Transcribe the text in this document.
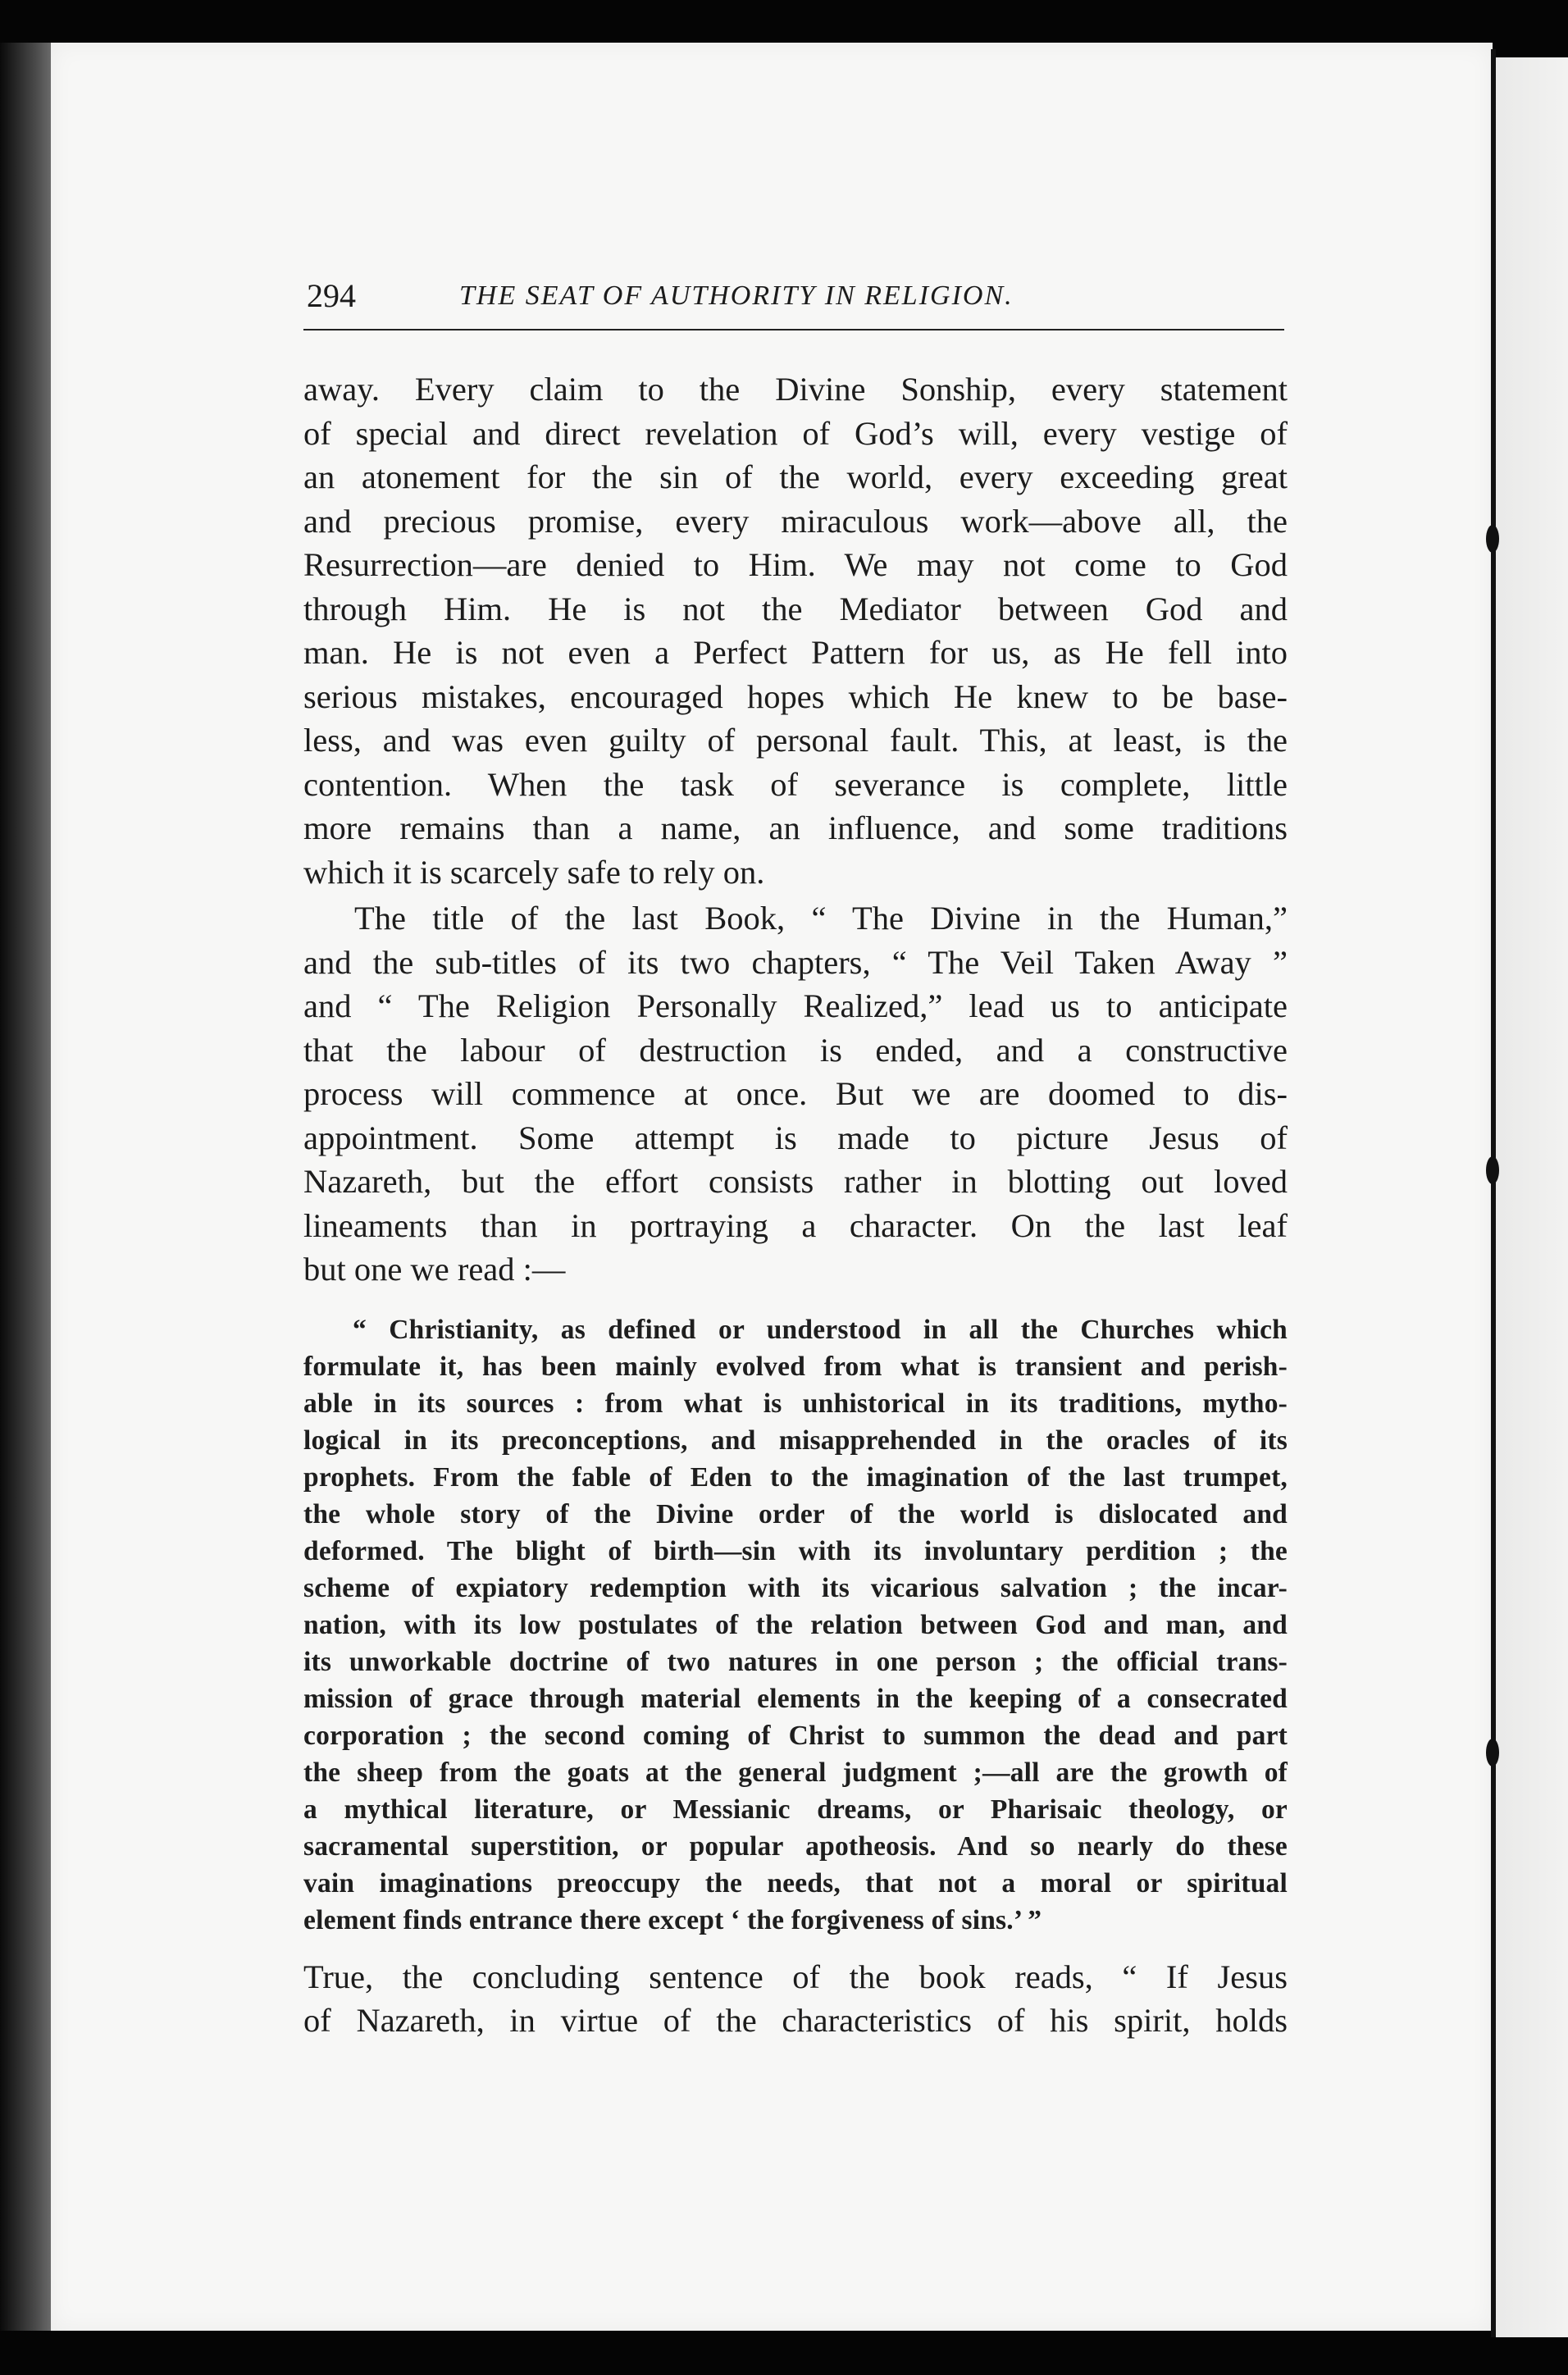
294	THE SEAT OF AUTHORITY IN RELIGION.
away. Every claim to the Divine Sonship, every statement
of special and direct revelation of God’s will, every vestige of
an atonement for the sin of the world, every exceeding great
and precious promise, every miraculous work—above all, the
Resurrection—are denied to Him. We may not come to God
through Him. He is not the Mediator between God and
man. He is not even a Perfect Pattern for us, as He fell into
serious mistakes, encouraged hopes which He knew to be base-
less, and was even guilty of personal fault. This, at least, is the
contention. When the task of severance is complete, little
more remains than a name, an influence, and some traditions
which it is scarcely safe to rely on.
The title of the last Book, “ The Divine in the Human,”
and the sub-titles of its two chapters, “ The Veil Taken Away ”
and “ The Religion Personally Realized,” lead us to anticipate
that the labour of destruction is ended, and a constructive
process will commence at once. But we are doomed to dis-
appointment. Some attempt is made to picture Jesus of
Nazareth, but the effort consists rather in blotting out loved
lineaments than in portraying a character. On the last leaf
but one we read :—
“ Christianity, as defined or understood in all the Churches which
formulate it, has been mainly evolved from what is transient and perish-
able in its sources : from what is unhistorical in its traditions, mytho-
logical in its preconceptions, and misapprehended in the oracles of its
prophets. From the fable of Eden to the imagination of the last trumpet,
the whole story of the Divine order of the world is dislocated and
deformed. The blight of birth—sin with its involuntary perdition ; the
scheme of expiatory redemption with its vicarious salvation ; the incar-
nation, with its low postulates of the relation between God and man, and
its unworkable doctrine of two natures in one person ; the official trans-
mission of grace through material elements in the keeping of a consecrated
corporation ; the second coming of Christ to summon the dead and part
the sheep from the goats at the general judgment ;—all are the growth of
a mythical literature, or Messianic dreams, or Pharisaic theology, or
sacramental superstition, or popular apotheosis. And so nearly do these
vain imaginations preoccupy the needs, that not a moral or spiritual
element finds entrance there except ‘ the forgiveness of sins.’ ”
True, the concluding sentence of the book reads, “ If Jesus
of Nazareth, in virtue of the characteristics of his spirit, holds
